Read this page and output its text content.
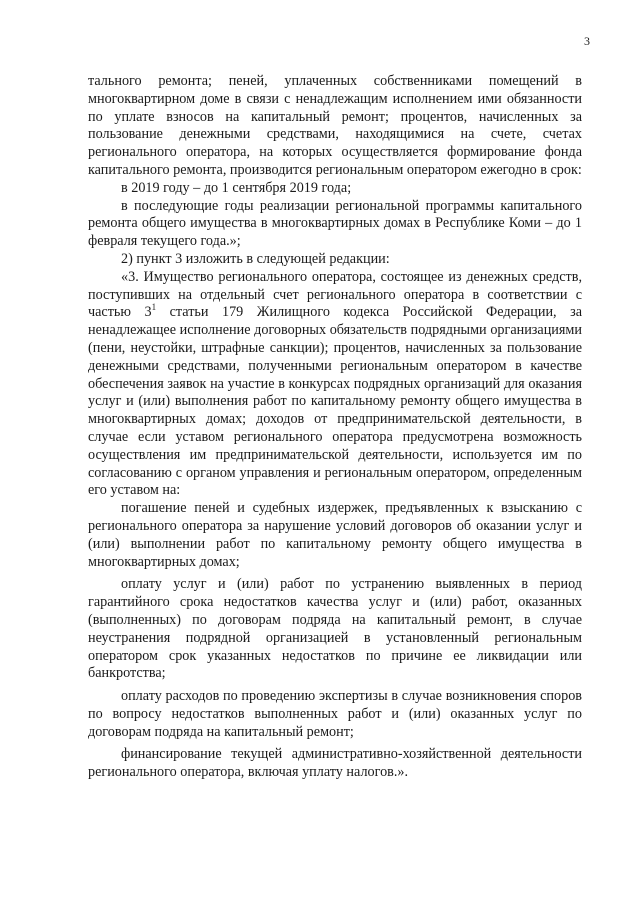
3

тального ремонта; пеней, уплаченных собственниками помещений в многоквартирном доме в связи с ненадлежащим исполнением ими обязанности по уплате взносов на капитальный ремонт; процентов, начисленных за пользование денежными средствами, находящимися на счете, счетах регионального оператора, на которых осуществляется формирование фонда капитального ремонта, производится региональным оператором ежегодно в срок:

в 2019 году – до 1 сентября 2019 года;

в последующие годы реализации региональной программы капитального ремонта общего имущества в многоквартирных домах в Республике Коми – до 1 февраля текущего года.»;

2) пункт 3 изложить в следующей редакции:

«3. Имущество регионального оператора, состоящее из денежных средств, поступивших на отдельный счет регионального оператора в соответствии с частью $3^1$ статьи 179 Жилищного кодекса Российской Федерации, за ненадлежащее исполнение договорных обязательств подрядными организациями (пени, неустойки, штрафные санкции); процентов, начисленных за пользование денежными средствами, полученными региональным оператором в качестве обеспечения заявок на участие в конкурсах подрядных организаций для оказания услуг и (или) выполнения работ по капитальному ремонту общего имущества в многоквартирных домах; доходов от предпринимательской деятельности, в случае если уставом регионального оператора предусмотрена возможность осуществления им предпринимательской деятельности, используется им по согласованию с органом управления и региональным оператором, определенным его уставом на:

погашение пеней и судебных издержек, предъявленных к взысканию с регионального оператора за нарушение условий договоров об оказании услуг и (или) выполнении работ по капитальному ремонту общего имущества в многоквартирных домах;

оплату услуг и (или) работ по устранению выявленных в период гарантийного срока недостатков качества услуг и (или) работ, оказанных (выполненных) по договорам подряда на капитальный ремонт, в случае неустранения подрядной организацией в установленный региональным оператором срок указанных недостатков по причине ее ликвидации или банкротства;

оплату расходов по проведению экспертизы в случае возникновения споров по вопросу недостатков выполненных работ и (или) оказанных услуг по договорам подряда на капитальный ремонт;

финансирование текущей административно-хозяйственной деятельности регионального оператора, включая уплату налогов.».
